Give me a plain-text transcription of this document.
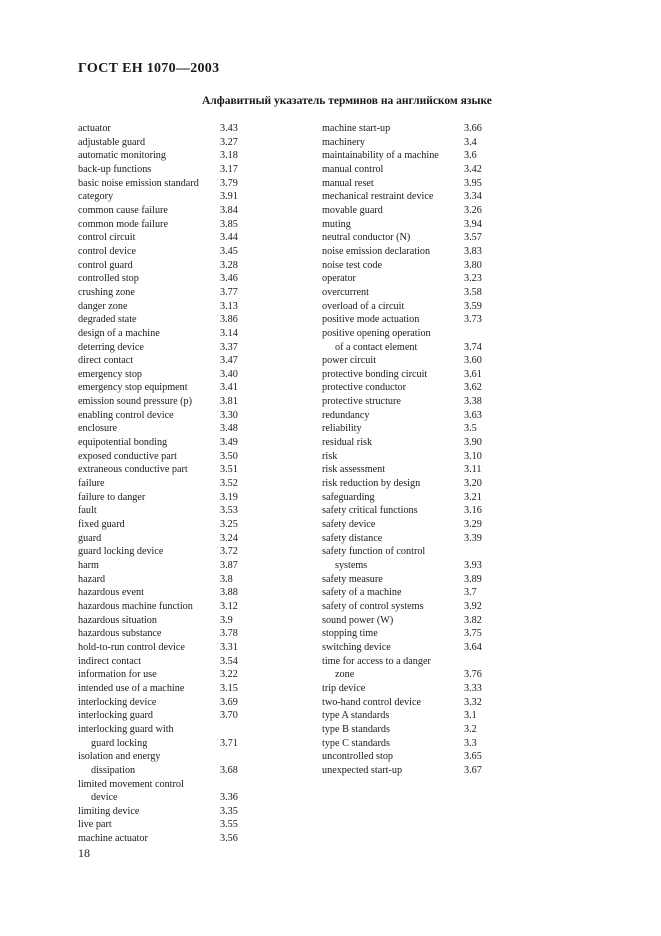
ГОСТ ЕН 1070—2003
Алфавитный указатель терминов на английском языке
actuator	3.43
adjustable guard	3.27
automatic monitoring	3.18
back-up functions	3.17
basic noise emission standard	3.79
category	3.91
common cause failure	3.84
common mode failure	3.85
control circuit	3.44
control device	3.45
control guard	3.28
controlled stop	3.46
crushing zone	3.77
danger zone	3.13
degraded state	3.86
design of a machine	3.14
deterring device	3.37
direct contact	3.47
emergency stop	3.40
emergency stop equipment	3.41
emission sound pressure (p)	3.81
enabling control device	3.30
enclosure	3.48
equipotential bonding	3.49
exposed conductive part	3.50
extraneous conductive part	3.51
failure	3.52
failure to danger	3.19
fault	3.53
fixed guard	3.25
guard	3.24
guard locking device	3.72
harm	3.87
hazard	3.8
hazardous event	3.88
hazardous machine function	3.12
hazardous situation	3.9
hazardous substance	3.78
hold-to-run control device	3.31
indirect contact	3.54
information for use	3.22
intended use of a machine	3.15
interlocking device	3.69
interlocking guard	3.70
interlocking guard with
guard locking	3.71
isolation and energy
dissipation	3.68
limited movement control
device	3.36
limiting device	3.35
live part	3.55
machine actuator	3.56
machine start-up	3.66
machinery	3.4
maintainability of a machine	3.6
manual control	3.42
manual reset	3.95
mechanical restraint device	3.34
movable guard	3.26
muting	3.94
neutral conductor (N)	3.57
noise emission declaration	3.83
noise test code	3.80
operator	3.23
overcurrent	3.58
overload of a circuit	3.59
positive mode actuation	3.73
positive opening operation
of a contact element	3.74
power circuit	3.60
protective bonding circuit	3.61
protective conductor	3.62
protective structure	3.38
redundancy	3.63
reliability	3.5
residual risk	3.90
risk	3.10
risk assessment	3.11
risk reduction by design	3.20
safeguarding	3.21
safety critical functions	3.16
safety device	3.29
safety distance	3.39
safety function of control
systems	3.93
safety measure	3.89
safety of a machine	3.7
safety of control systems	3.92
sound power (W)	3.82
stopping time	3.75
switching device	3.64
time for access to a danger
zone	3.76
trip device	3.33
two-hand control device	3.32
type A standards	3.1
type B standards	3.2
type C standards	3.3
uncontrolled stop	3.65
unexpected start-up	3.67
18
